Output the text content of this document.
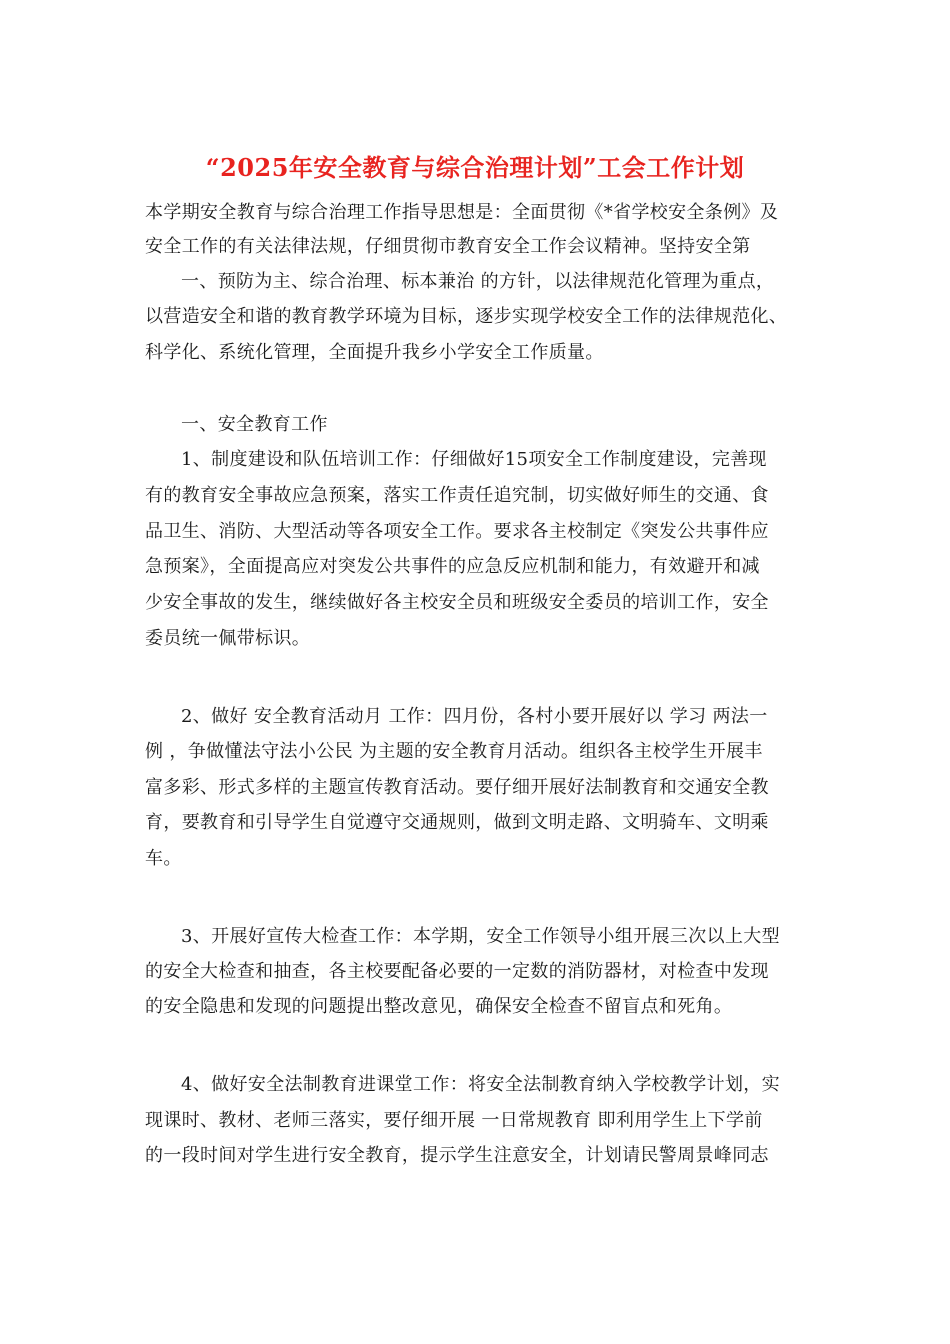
“2025年安全教育与综合治理计划”工会工作计划
本学期安全教育与综合治理工作指导思想是：全面贯彻《*省学校安全条例》及
安全工作的有关法律法规，仔细贯彻市教育安全工作会议精神。坚持安全第
一、预防为主、综合治理、标本兼治 的方针，以法律规范化管理为重点，
以营造安全和谐的教育教学环境为目标，逐步实现学校安全工作的法律规范化、
科学化、系统化管理，全面提升我乡小学安全工作质量。
一、安全教育工作
1、制度建设和队伍培训工作：仔细做好15项安全工作制度建设，完善现
有的教育安全事故应急预案，落实工作责任追究制，切实做好师生的交通、食
品卫生、消防、大型活动等各项安全工作。要求各主校制定《突发公共事件应
急预案》，全面提高应对突发公共事件的应急反应机制和能力，有效避开和减
少安全事故的发生，继续做好各主校安全员和班级安全委员的培训工作，安全
委员统一佩带标识。
2、做好 安全教育活动月 工作：四月份，各村小要开展好以 学习 两法一
例 ，争做懂法守法小公民 为主题的安全教育月活动。组织各主校学生开展丰
富多彩、形式多样的主题宣传教育活动。要仔细开展好法制教育和交通安全教
育，要教育和引导学生自觉遵守交通规则，做到文明走路、文明骑车、文明乘
车。
3、开展好宣传大检查工作：本学期，安全工作领导小组开展三次以上大型
的安全大检查和抽查，各主校要配备必要的一定数的消防器材，对检查中发现
的安全隐患和发现的问题提出整改意见，确保安全检查不留盲点和死角。
4、做好安全法制教育进课堂工作：将安全法制教育纳入学校教学计划，实
现课时、教材、老师三落实，要仔细开展 一日常规教育 即利用学生上下学前
的一段时间对学生进行安全教育，提示学生注意安全，计划请民警周景峰同志
